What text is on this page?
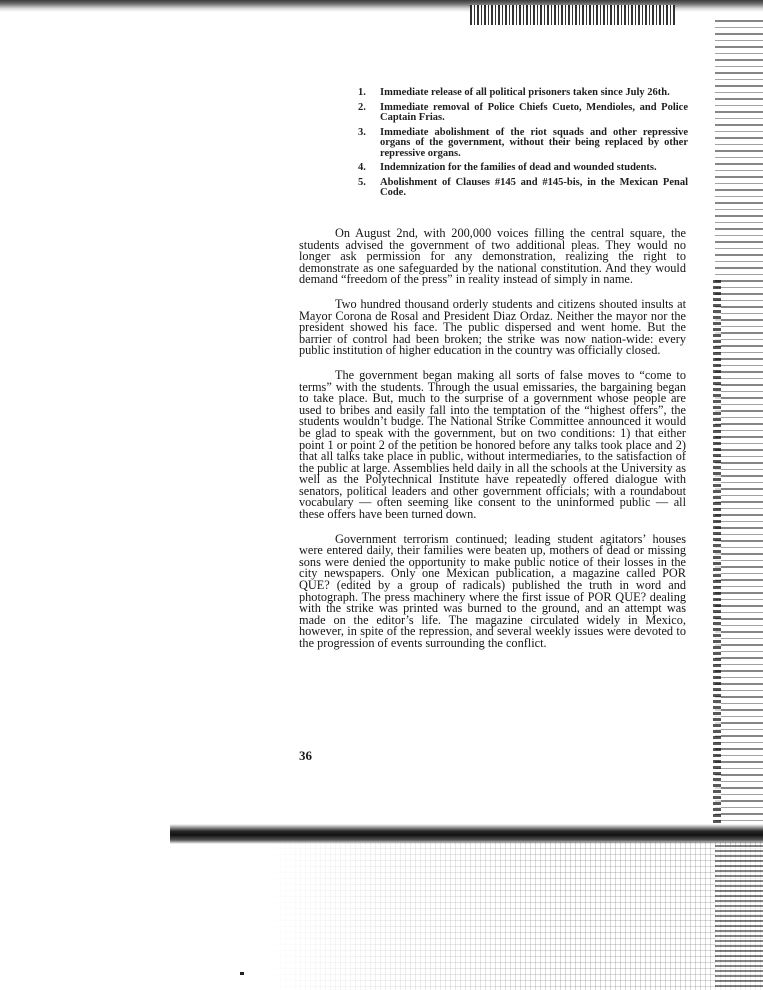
1. Immediate release of all political prisoners taken since July 26th.
2. Immediate removal of Police Chiefs Cueto, Mendioles, and Police Captain Frias.
3. Immediate abolishment of the riot squads and other repressive organs of the government, without their being replaced by other repressive organs.
4. Indemnization for the families of dead and wounded students.
5. Abolishment of Clauses #145 and #145-bis, in the Mexican Penal Code.

On August 2nd, with 200,000 voices filling the central square, the students advised the government of two additional pleas. They would no longer ask permission for any demonstration, realizing the right to demonstrate as one safeguarded by the national constitution. And they would demand “freedom of the press” in reality instead of simply in name.

Two hundred thousand orderly students and citizens shouted insults at Mayor Corona de Rosal and President Diaz Ordaz. Neither the mayor nor the president showed his face. The public dispersed and went home. But the barrier of control had been broken; the strike was now nation-wide: every public institution of higher education in the country was officially closed.

The government began making all sorts of false moves to “come to terms” with the students. Through the usual emissaries, the bargaining began to take place. But, much to the surprise of a government whose people are used to bribes and easily fall into the temptation of the “highest offers”, the students wouldn’t budge. The National Strike Committee announced it would be glad to speak with the government, but on two conditions: 1) that either point 1 or point 2 of the petition be honored before any talks took place and 2) that all talks take place in public, without intermediaries, to the satisfaction of the public at large. Assemblies held daily in all the schools at the University as well as the Polytechnical Institute have repeatedly offered dialogue with senators, political leaders and other government officials; with a roundabout vocabulary — often seeming like consent to the uninformed public — all these offers have been turned down.

Government terrorism continued; leading student agitators’ houses were entered daily, their families were beaten up, mothers of dead or missing sons were denied the opportunity to make public notice of their losses in the city newspapers. Only one Mexican publication, a magazine called POR QUE? (edited by a group of radicals) published the truth in word and photograph. The press machinery where the first issue of POR QUE? dealing with the strike was printed was burned to the ground, and an attempt was made on the editor’s life. The magazine circulated widely in Mexico, however, in spite of the repression, and several weekly issues were devoted to the progression of events surrounding the conflict.

36
